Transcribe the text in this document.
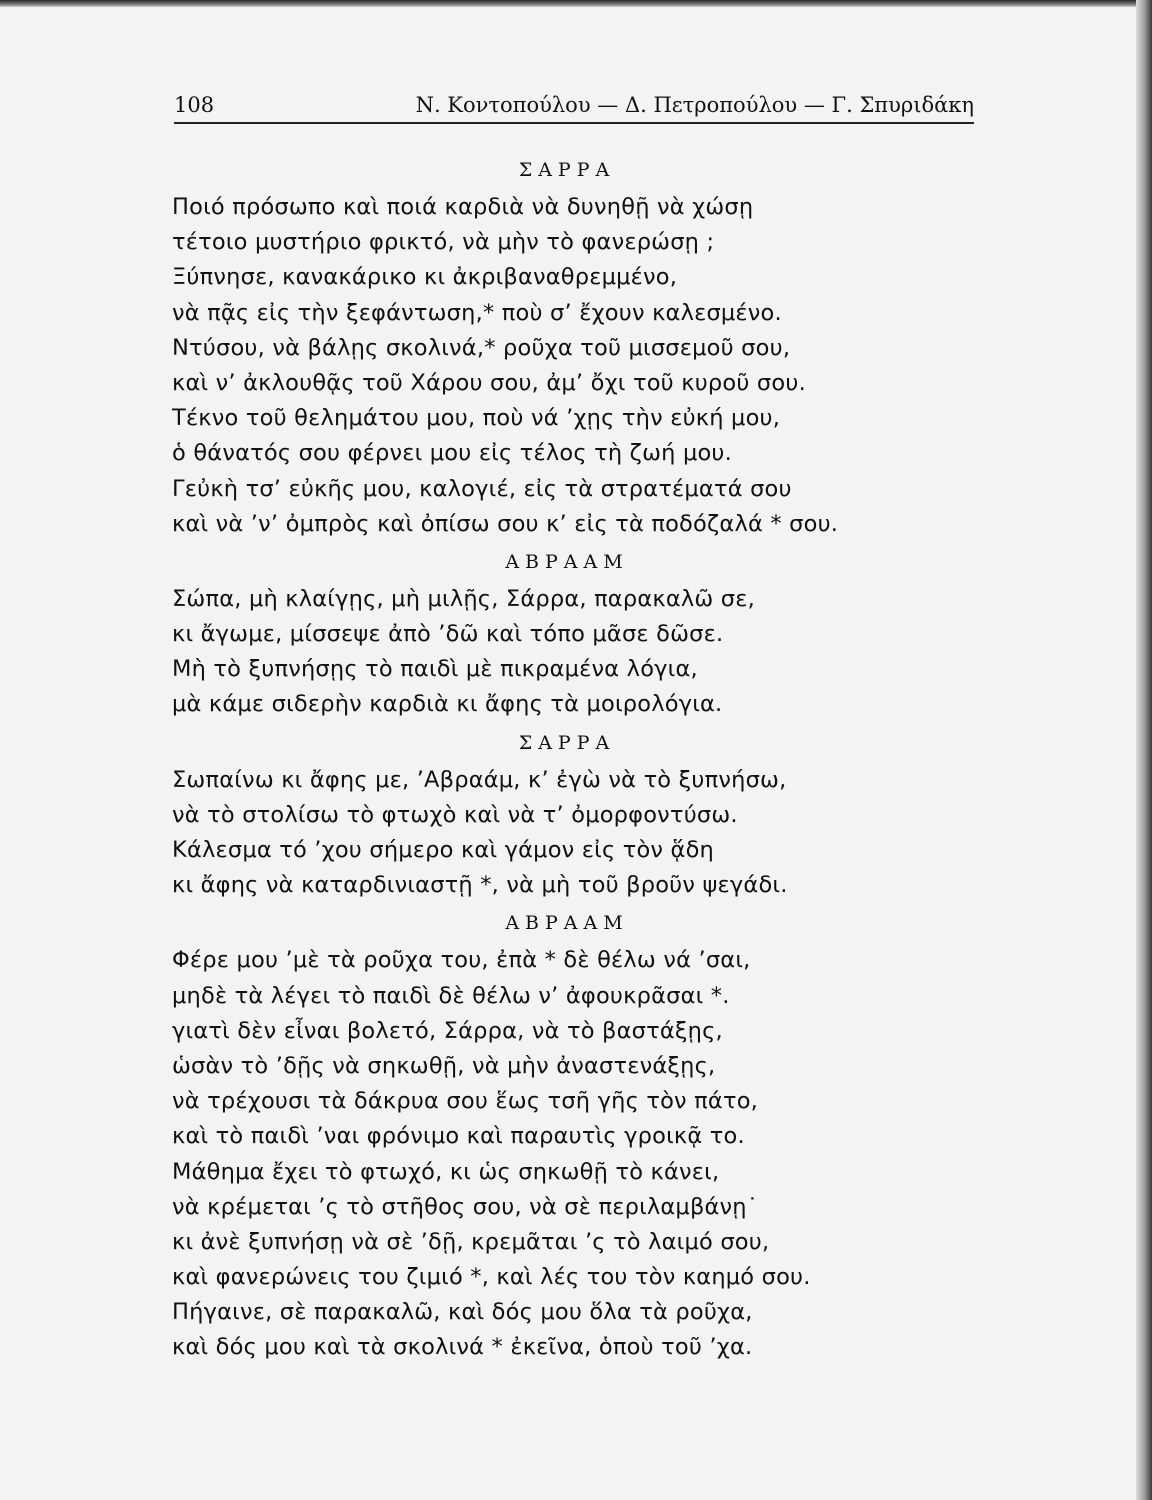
108	Ν. Κοντοπούλου — Δ. Πετροπούλου — Γ. Σπυριδάκη
ΣΑΡΡΑ
Ποιό πρόσωπο καὶ ποιά καρδιὰ νὰ δυνηθῇ νὰ χώσῃ
τέτοιο μυστήριο φρικτό, νὰ μὴν τὸ φανερώσῃ ;
Ξύπνησε, κανακάρικο κι ἀκριβαναθρεμμένο,
νὰ πᾷς εἰς τὴν ξεφάντωση,* ποὺ σ’ ἔχουν καλεσμένο.
Ντύσου, νὰ βάλῃς σκολινά,* ροῦχα τοῦ μισσεμοῦ σου,
καὶ ν’ ἀκλουθᾷς τοῦ Χάρου σου, ἀμ’ ὄχι τοῦ κυροῦ σου.
Τέκνο τοῦ θελημάτου μου, ποὺ νά ’χῃς τὴν εὐκή μου,
ὁ θάνατός σου φέρνει μου εἰς τέλος τὴ ζωή μου.
Γεὐκὴ τσ’ εὐκῆς μου, καλογιέ, εἰς τὰ στρατέματά σου
καὶ νὰ ’ν’ ὀμπρὸς καὶ ὀπίσω σου κ’ εἰς τὰ ποδόζαλά * σου.
ΑΒΡΑΑΜ
Σώπα, μὴ κλαίγῃς, μὴ μιλῇς, Σάρρα, παρακαλῶ σε,
κι ἄγωμε, μίσσεψε ἀπὸ ’δῶ καὶ τόπο μᾶσε δῶσε.
Μὴ τὸ ξυπνήσῃς τὸ παιδὶ μὲ πικραμένα λόγια,
μὰ κάμε σιδερὴν καρδιὰ κι ἄφης τὰ μοιρολόγια.
ΣΑΡΡΑ
Σωπαίνω κι ἄφης με, ’Αβραάμ, κ’ ἐγὼ νὰ τὸ ξυπνήσω,
νὰ τὸ στολίσω τὸ φτωχὸ καὶ νὰ τ’ ὀμορφοντύσω.
Κάλεσμα τό ’χου σήμερο καὶ γάμον εἰς τὸν ᾅδη
κι ἄφης νὰ καταρδινιαστῇ *, νὰ μὴ τοῦ βροῦν ψεγάδι.
ΑΒΡΑΑΜ
Φέρε μου ’μὲ τὰ ροῦχα του, ἐπὰ * δὲ θέλω νά ’σαι,
μηδὲ τὰ λέγει τὸ παιδὶ δὲ θέλω ν’ ἀφουκρᾶσαι *.
γιατὶ δὲν εἶναι βολετό, Σάρρα, νὰ τὸ βαστάξῃς,
ὡσὰν τὸ ’δῇς νὰ σηκωθῇ, νὰ μὴν ἀναστενάξῃς,
νὰ τρέχουσι τὰ δάκρυα σου ἕως τσῆ γῆς τὸν πάτο,
καὶ τὸ παιδὶ ’ναι φρόνιμο καὶ παραυτὶς γροικᾷ το.
Μάθημα ἔχει τὸ φτωχό, κι ὡς σηκωθῇ τὸ κάνει,
νὰ κρέμεται ’ς τὸ στῆθος σου, νὰ σὲ περιλαμβάνῃ˙
κι ἀνὲ ξυπνήσῃ νὰ σὲ ’δῇ, κρεμᾶται ’ς τὸ λαιμό σου,
καὶ φανερώνεις του ζιμιό *, καὶ λές του τὸν καημό σου.
Πήγαινε, σὲ παρακαλῶ, καὶ δός μου ὅλα τὰ ροῦχα,
καὶ δός μου καὶ τὰ σκολινά * ἐκεῖνα, ὁποὺ τοῦ ’χα.
